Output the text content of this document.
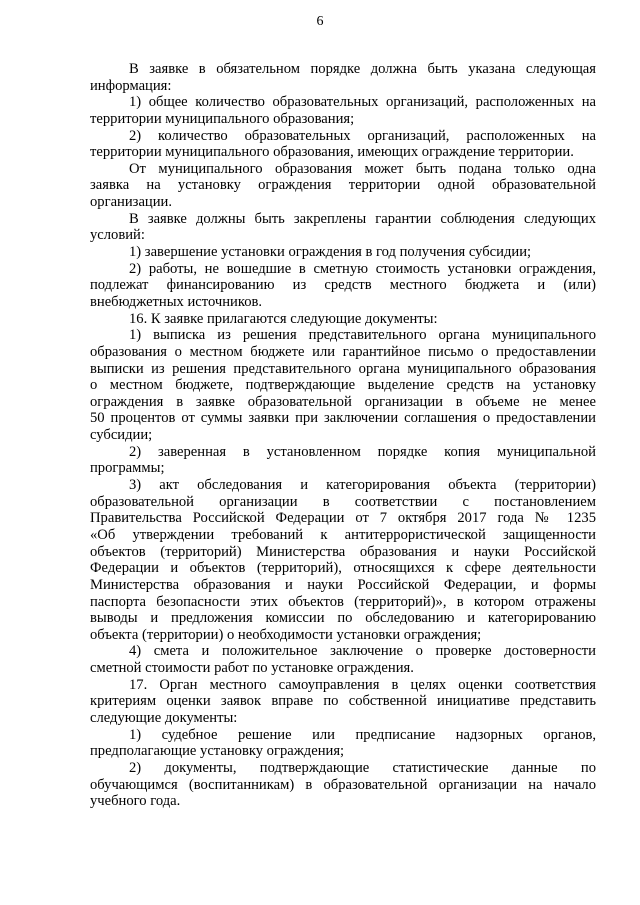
6
В заявке в обязательном порядке должна быть указана следующая
информация:
1) общее количество образовательных организаций, расположенных на
территории муниципального образования;
2) количество образовательных организаций, расположенных на
территории муниципального образования, имеющих ограждение территории.
От муниципального образования может быть подана только одна
заявка на установку ограждения территории одной образовательной
организации.
В заявке должны быть закреплены гарантии соблюдения следующих
условий:
1) завершение установки ограждения в год получения субсидии;
2) работы, не вошедшие в сметную стоимость установки ограждения,
подлежат финансированию из средств местного бюджета и (или)
внебюджетных источников.
16. К заявке прилагаются следующие документы:
1) выписка из решения представительного органа муниципального
образования о местном бюджете или гарантийное письмо о предоставлении
выписки из решения представительного органа муниципального образования
о местном бюджете, подтверждающие выделение средств на установку
ограждения в заявке образовательной организации в объеме не менее
50 процентов от суммы заявки при заключении соглашения о предоставлении
субсидии;
2) заверенная в установленном порядке копия муниципальной
программы;
3) акт обследования и категорирования объекта (территории)
образовательной организации в соответствии с постановлением
Правительства Российской Федерации от 7 октября 2017 года № 1235
«Об утверждении требований к антитеррористической защищенности
объектов (территорий) Министерства образования и науки Российской
Федерации и объектов (территорий), относящихся к сфере деятельности
Министерства образования и науки Российской Федерации, и формы
паспорта безопасности этих объектов (территорий)», в котором отражены
выводы и предложения комиссии по обследованию и категорированию
объекта (территории) о необходимости установки ограждения;
4) смета и положительное заключение о проверке достоверности
сметной стоимости работ по установке ограждения.
17. Орган местного самоуправления в целях оценки соответствия
критериям оценки заявок вправе по собственной инициативе представить
следующие документы:
1) судебное решение или предписание надзорных органов,
предполагающие установку ограждения;
2) документы, подтверждающие статистические данные по
обучающимся (воспитанникам) в образовательной организации на начало
учебного года.
